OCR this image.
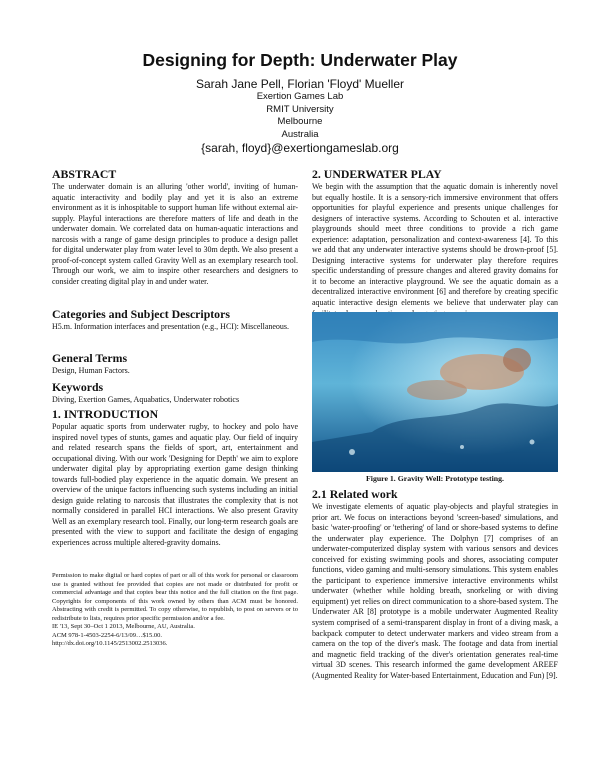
Designing for Depth: Underwater Play
Sarah Jane Pell, Florian 'Floyd' Mueller
Exertion Games Lab
RMIT University
Melbourne
Australia
{sarah, floyd}@exertiongameslab.org
ABSTRACT

The underwater domain is an alluring 'other world', inviting of human-aquatic interactivity and bodily play and yet it is also an extreme environment as it is inhospitable to support human life without external air-supply. Playful interactions are therefore matters of life and death in the underwater domain. We correlated data on human-aquatic interactions and narcosis with a range of game design principles to produce a design pallet for digital underwater play from water level to 30m depth. We also present a proof-of-concept system called Gravity Well as an exemplary research tool. Through our work, we aim to inspire other researchers and designers to consider creating digital play in and under water.

Categories and Subject Descriptors

H5.m. Information interfaces and presentation (e.g., HCI): Miscellaneous.

General Terms

Design, Human Factors.

Keywords

Diving, Exertion Games, Aquabatics, Underwater robotics

1. INTRODUCTION

Popular aquatic sports from underwater rugby, to hockey and polo have inspired novel types of stunts, games and aquatic play. Our field of inquiry and related research spans the fields of sport, art, entertainment and occupational diving. With our work 'Designing for Depth' we aim to explore underwater digital play by appropriating exertion game design thinking towards full-bodied play experience in the aquatic domain. We present an overview of the unique factors influencing such systems including an initial design guide relating to narcosis that illustrates the complexity that is not normally considered in parallel HCI interactions. We also present Gravity Well as an exemplary research tool. Finally, our long-term research goals are presented with the view to support and facilitate the design of engaging experiences across multiple altered-gravity domains.

Permission to make digital or hard copies of part or all of this work for personal or classroom use is granted without fee provided that copies are not made or distributed for profit or commercial advantage and that copies bear this notice and the full citation on the first page. Copyrights for components of this work owned by others than ACM must be honored. Abstracting with credit is permitted. To copy otherwise, to republish, to post on servers or to redistribute to lists, requires prior specific permission and/or a fee.

IE '13, Sept 30–Oct 1 2013, Melbourne, AU, Australia.

ACM 978-1-4503-2254-6/13/09…$15.00.

http://dx.doi.org/10.1145/2513002.2513036.

2. UNDERWATER PLAY

We begin with the assumption that the aquatic domain is inherently novel but equally hostile. It is a sensory-rich immersive environment that offers opportunities for playful experience and presents unique challenges for designers of interactive systems. According to Schouten et al. interactive playgrounds should meet three conditions to provide a rich game experience: adaptation, personalization and context-awareness [4]. To this we add that any underwater interactive systems should be drown-proof [5]. Designing interactive systems for underwater play therefore requires specific understanding of pressure changes and altered gravity domains for it to become an interactive playground. We see the aquatic domain as a decentralized interactive environment [6] and therefore by creating specific aquatic interactive design elements we believe that underwater play can

Figure 1. Gravity Well: Prototype testing.
2.1 Related work

We investigate elements of aquatic play-objects and playful strategies in prior art. We focus on interactions beyond 'screen-based' simulations, and basic 'water-proofing' or 'tethering' of land or shore-based systems to define the underwater play experience. The Dolphyn [7] comprises of an underwater-computerized display system with various sensors and devices conceived for existing swimming pools and shores, associating computer functions, video gaming and multi-sensory simulations. This system enables the participant to experience immersive interactive environments whilst underwater (whether while holding breath, snorkeling or with diving equipment) yet relies on direct communication to a shore-based system. The Underwater AR [8] prototype is a mobile underwater Augmented Reality system comprised of a semi-transparent display in front of a diving mask, a backpack computer to detect underwater markers and video stream from a camera on the top of the diver's mask. The footage and data from inertial and magnetic field tracking of the diver's orientation generates real-time virtual 3D scenes. This research informed the game development AREEF (Augmented Reality for Water-based Entertainment, Education and Fun) [9].
